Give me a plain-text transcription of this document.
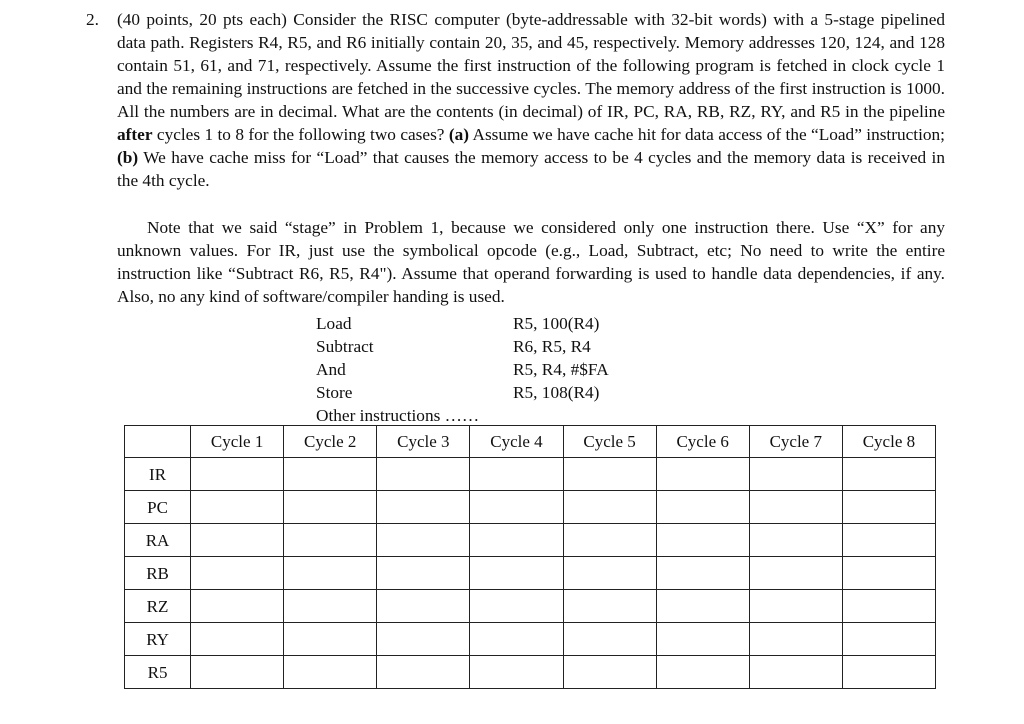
2. (40 points, 20 pts each) Consider the RISC computer (byte-addressable with 32-bit words) with a 5-stage pipelined data path. Registers R4, R5, and R6 initially contain 20, 35, and 45, respectively. Memory addresses 120, 124, and 128 contain 51, 61, and 71, respectively. Assume the first instruction of the following program is fetched in clock cycle 1 and the remaining instructions are fetched in the successive cycles. The memory address of the first instruction is 1000. All the numbers are in decimal. What are the contents (in decimal) of IR, PC, RA, RB, RZ, RY, and R5 in the pipeline after cycles 1 to 8 for the following two cases? (a) Assume we have cache hit for data access of the “Load” instruction; (b) We have cache miss for “Load” that causes the memory access to be 4 cycles and the memory data is received in the 4th cycle.

Note that we said “stage” in Problem 1, because we considered only one instruction there. Use “X” for any unknown values. For IR, just use the symbolical opcode (e.g., Load, Subtract, etc; No need to write the entire instruction like “Subtract R6, R5, R4"). Assume that operand forwarding is used to handle data dependencies, if any. Also, no any kind of software/compiler handing is used.

Load	R5, 100(R4)
Subtract	R6, R5, R4
And	R5, R4, #$FA
Store	R5, 108(R4)
Other instructions ……
	Cycle 1	Cycle 2	Cycle 3	Cycle 4	Cycle 5	Cycle 6	Cycle 7	Cycle 8
IR								
PC								
RA								
RB								
RZ								
RY								
R5								
